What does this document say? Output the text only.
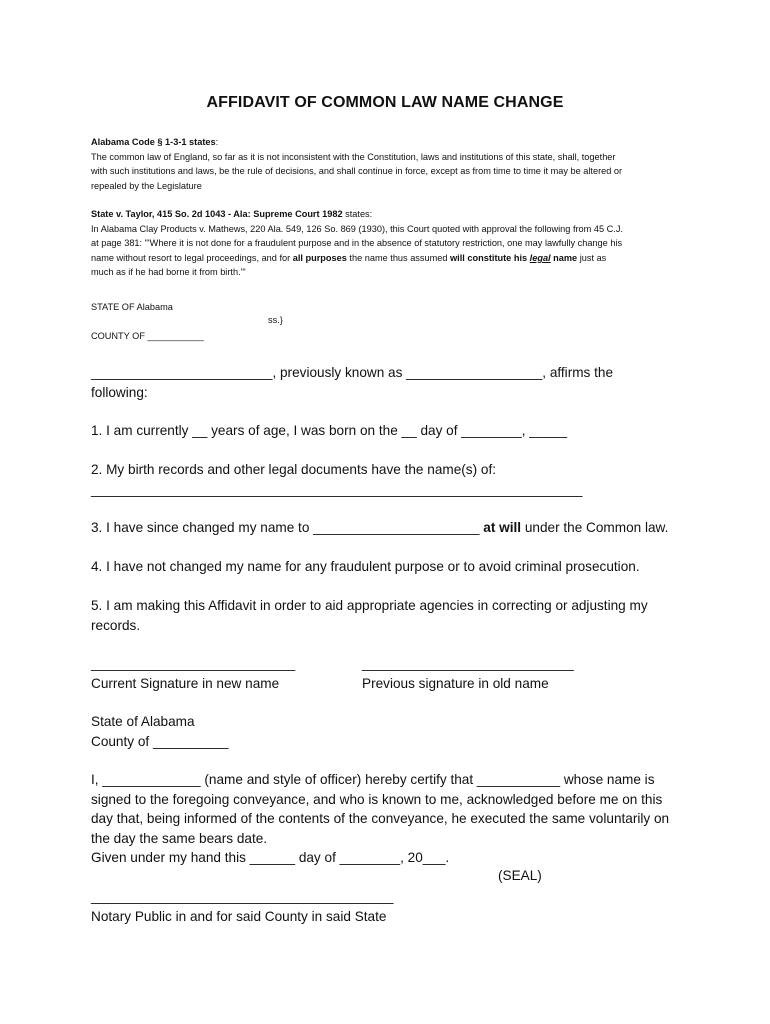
AFFIDAVIT OF COMMON LAW NAME CHANGE
Alabama Code § 1-3-1 states:
The common law of England, so far as it is not inconsistent with the Constitution, laws and institutions of this state, shall, together
with such institutions and laws, be the rule of decisions, and shall continue in force, except as from time to time it may be altered or
repealed by the Legislature
State v. Taylor, 415 So. 2d 1043 - Ala: Supreme Court 1982 states:
In Alabama Clay Products v. Mathews, 220 Ala. 549, 126 So. 869 (1930), this Court quoted with approval the following from 45 C.J.
at page 381: "'Where it is not done for a fraudulent purpose and in the absence of statutory restriction, one may lawfully change his
name without resort to legal proceedings, and for all purposes the name thus assumed will constitute his legal name just as
much as if he had borne it from birth.'"
STATE OF Alabama
ss.}
COUNTY OF ___________
________________________, previously known as __________________, affirms the
following:
1. I am currently __ years of age, I was born on the __ day of ________, _____
2. My birth records and other legal documents have the name(s) of:
_________________________________________________________________
3. I have since changed my name to ______________________ at will under the Common law.
4. I have not changed my name for any fraudulent purpose or to avoid criminal prosecution.
5. I am making this Affidavit in order to aid appropriate agencies in correcting or adjusting my
records.
___________________________
Current Signature in new name
____________________________
Previous signature in old name
State of Alabama
County of __________
I, _____________ (name and style of officer) hereby certify that ___________ whose name is
signed to the foregoing conveyance, and who is known to me, acknowledged before me on this
day that, being informed of the contents of the conveyance, he executed the same voluntarily on
the day the same bears date.
Given under my hand this ______ day of ________, 20___.
(SEAL)
________________________________________
Notary Public in and for said County in said State
